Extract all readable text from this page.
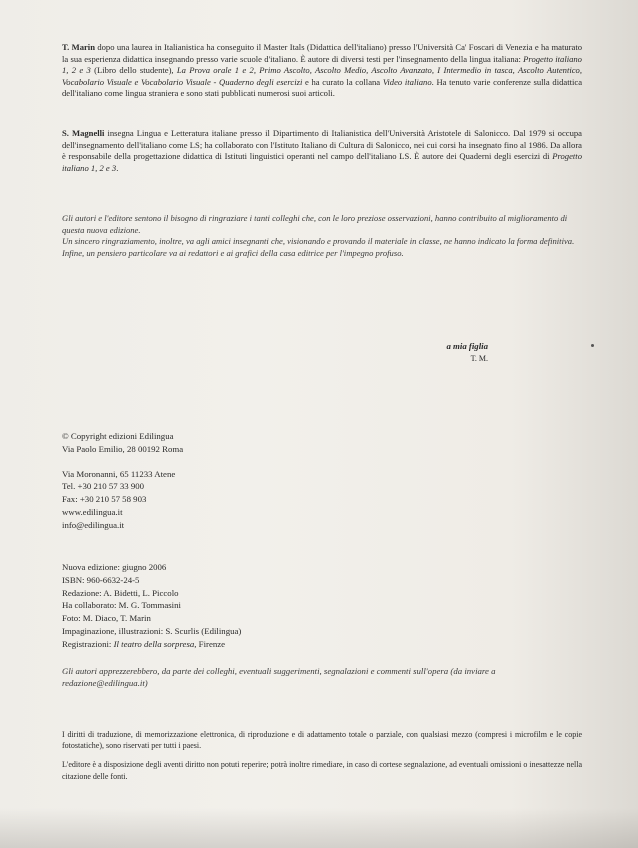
T. Marin dopo una laurea in Italianistica ha conseguito il Master Itals (Didattica dell'italiano) presso l'Università Ca' Foscari di Venezia e ha maturato la sua esperienza didattica insegnando presso varie scuole d'italiano. È autore di diversi testi per l'insegnamento della lingua italiana: Progetto italiano 1, 2 e 3 (Libro dello studente), La Prova orale 1 e 2, Primo Ascolto, Ascolto Medio, Ascolto Avanzato, I Intermedio in tasca, Ascolto Autentico, Vocabolario Visuale e Vocabolario Visuale - Quaderno degli esercizi e ha curato la collana Video italiano. Ha tenuto varie conferenze sulla didattica dell'italiano come lingua straniera e sono stati pubblicati numerosi suoi articoli.

S. Magnelli insegna Lingua e Letteratura italiane presso il Dipartimento di Italianistica dell'Università Aristotele di Salonicco. Dal 1979 si occupa dell'insegnamento dell'italiano come LS; ha collaborato con l'Istituto Italiano di Cultura di Salonicco, nei cui corsi ha insegnato fino al 1986. Da allora è responsabile della progettazione didattica di Istituti linguistici operanti nel campo dell'italiano LS. È autore dei Quaderni degli esercizi di Progetto italiano 1, 2 e 3.

Gli autori e l'editore sentono il bisogno di ringraziare i tanti colleghi che, con le loro preziose osservazioni, hanno contribuito al miglioramento di questa nuova edizione.

Un sincero ringraziamento, inoltre, va agli amici insegnanti che, visionando e provando il materiale in classe, ne hanno indicato la forma definitiva.

Infine, un pensiero particolare va ai redattori e ai grafici della casa editrice per l'impegno profuso.

a mia figlia
T. M.
© Copyright edizioni Edilingua
Via Paolo Emilio, 28 00192 Roma
Via Moronanni, 65 11233 Atene
Tel. +30 210 57 33 900
Fax: +30 210 57 58 903
www.edilingua.it
info@edilingua.it
Nuova edizione: giugno 2006
ISBN: 960-6632-24-5
Redazione: A. Bidetti, L. Piccolo
Ha collaborato: M. G. Tommasini
Foto: M. Diaco, T. Marin
Impaginazione, illustrazioni: S. Scurlis (Edilingua)
Registrazioni: Il teatro della sorpresa, Firenze
Gli autori apprezzerebbero, da parte dei colleghi, eventuali suggerimenti, segnalazioni e commenti sull'opera (da inviare a redazione@edilingua.it)

I diritti di traduzione, di memorizzazione elettronica, di riproduzione e di adattamento totale o parziale, con qualsiasi mezzo (compresi i microfilm e le copie fotostatiche), sono riservati per tutti i paesi.

L'editore è a disposizione degli aventi diritto non potuti reperire; potrà inoltre rimediare, in caso di cortese segnalazione, ad eventuali omissioni o inesattezze nella citazione delle fonti.
